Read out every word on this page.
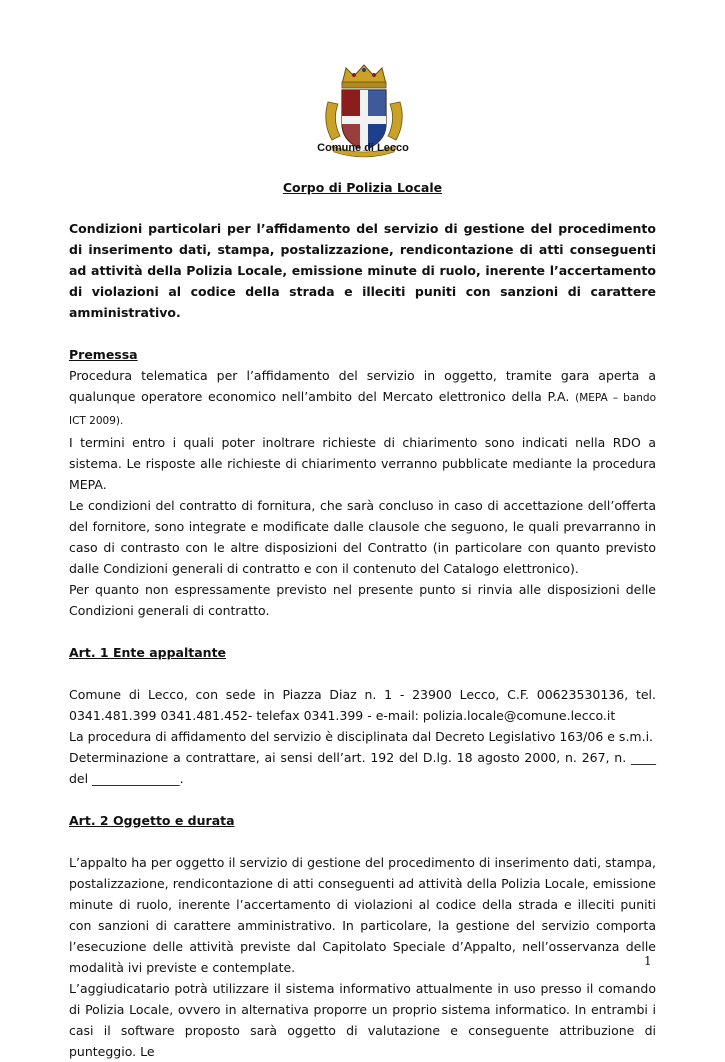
Comune di Lecco
Corpo di Polizia Locale

Condizioni particolari per l’affidamento del servizio di gestione del procedimento di inserimento dati, stampa, postalizzazione, rendicontazione di atti conseguenti ad attività della Polizia Locale, emissione minute di ruolo, inerente l’accertamento di violazioni al codice della strada e illeciti puniti con sanzioni di carattere amministrativo.

Premessa

Procedura telematica per l’affidamento del servizio in oggetto, tramite gara aperta a qualunque operatore economico nell’ambito del Mercato elettronico della P.A. (MEPA – bando ICT 2009).

I termini entro i quali poter inoltrare richieste di chiarimento sono indicati nella RDO a sistema. Le risposte alle richieste di chiarimento verranno pubblicate mediante la procedura MEPA.

Le condizioni del contratto di fornitura, che sarà concluso in caso di accettazione dell’offerta del fornitore, sono integrate e modificate dalle clausole che seguono, le quali prevarranno in caso di contrasto con le altre disposizioni del Contratto (in particolare con quanto previsto dalle Condizioni generali di contratto e con il contenuto del Catalogo elettronico).

Per quanto non espressamente previsto nel presente punto si rinvia alle disposizioni delle Condizioni generali di contratto.

Art. 1 Ente appaltante

Comune di Lecco, con sede in Piazza Diaz n. 1 - 23900 Lecco, C.F. 00623530136, tel. 0341.481.399 0341.481.452- telefax 0341.399 - e-mail: polizia.locale@comune.lecco.it

La procedura di affidamento del servizio è disciplinata dal Decreto Legislativo 163/06 e s.m.i.

Determinazione a contrattare, ai sensi dell’art. 192 del D.lg. 18 agosto 2000, n. 267, n. ____ del ______________.

Art. 2 Oggetto e durata

L’appalto ha per oggetto il servizio di gestione del procedimento di inserimento dati, stampa, postalizzazione, rendicontazione di atti conseguenti ad attività della Polizia Locale, emissione minute di ruolo, inerente l’accertamento di violazioni al codice della strada e illeciti puniti con sanzioni di carattere amministrativo. In particolare, la gestione del servizio comporta l’esecuzione delle attività previste dal Capitolato Speciale d’Appalto, nell’osservanza delle modalità ivi previste e contemplate.

L’aggiudicatario potrà utilizzare il sistema informativo attualmente in uso presso il comando di Polizia Locale, ovvero in alternativa proporre un proprio sistema informatico. In entrambi i casi il software proposto sarà oggetto di valutazione e conseguente attribuzione di punteggio. Le

1
